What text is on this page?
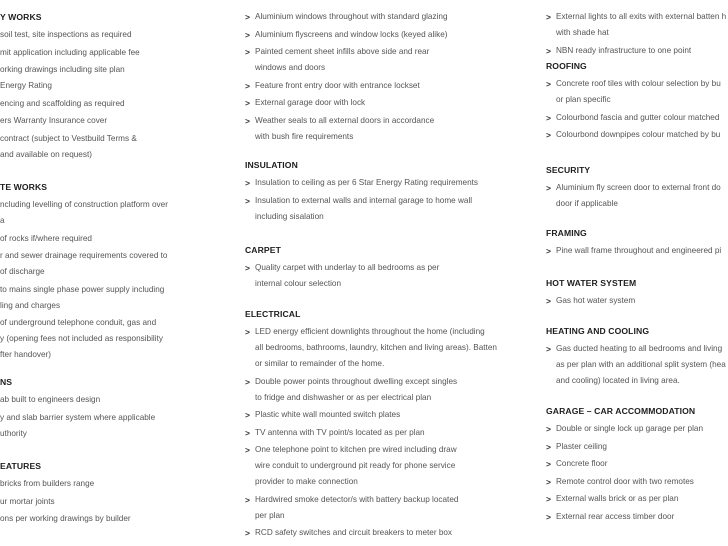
Y WORKS
soil test, site inspections as required
mit application including applicable fee
orking drawings including site plan
Energy Rating
encing and scaffolding as required
ers Warranty Insurance cover
contract (subject to Vestbuild Terms &
and available on request)
TE WORKS
ncluding levelling of construction platform over
a
of rocks if/where required
r and sewer drainage requirements covered to
of discharge
to mains single phase power supply including
ling and charges
of underground telephone conduit, gas and
y (opening fees not included as responsibility
fter handover)
NS
ab built to engineers design
y and slab barrier system where applicable
uthority
EATURES
bricks from builders range
ur mortar joints
ons per working drawings by builder
> Aluminium windows throughout with standard glazing
> Aluminium flyscreens and window locks (keyed alike)
> Painted cement sheet infills above side and rear
windows and doors
> Feature front entry door with entrance lockset
> External garage door with lock
> Weather seals to all external doors in accordance
with bush fire requirements
INSULATION
> Insulation to ceiling as per 6 Star Energy Rating requirements
> Insulation to external walls and internal garage to home wall
including sisalation
CARPET
> Quality carpet with underlay to all bedrooms as per
internal colour selection
ELECTRICAL
> LED energy efficient downlights throughout the home (including
all bedrooms, bathrooms, laundry, kitchen and living areas). Batten
or similar to remainder of the home.
> Double power points throughout dwelling except singles
to fridge and dishwasher or as per electrical plan
> Plastic white wall mounted switch plates
> TV antenna with TV point/s located as per plan
> One telephone point to kitchen pre wired including draw
wire conduit to underground pit ready for phone service
provider to make connection
> Hardwired smoke detector/s with battery backup located
per plan
> RCD safety switches and circuit breakers to meter box
> External lights to all exits with external batten h
with shade hat
> NBN ready infrastructure to one point
ROOFING
> Concrete roof tiles with colour selection by bu
or plan specific
> Colourbond fascia and gutter colour matched
> Colourbond downpipes colour matched by bu
SECURITY
> Aluminium fly screen door to external front do
door if applicable
FRAMING
> Pine wall frame throughout and engineered pi
HOT WATER SYSTEM
> Gas hot water system
HEATING AND COOLING
> Gas ducted heating to all bedrooms and living
as per plan with an additional split system (hea
and cooling) located in living area.
GARAGE – CAR ACCOMMODATION
> Double or single lock up garage per plan
> Plaster ceiling
> Concrete floor
> Remote control door with two remotes
> External walls brick or as per plan
> External rear access timber door
